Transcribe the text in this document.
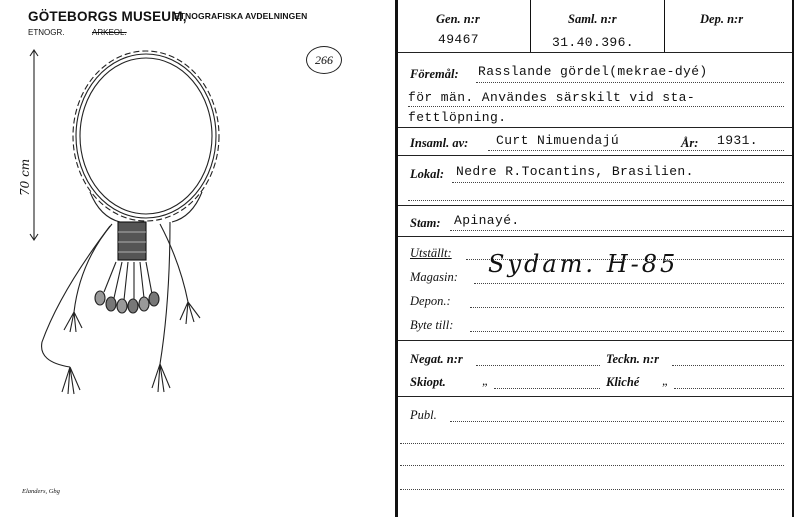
GÖTEBORGS MUSEUM,
ETNOGRAFISKA AVDELNINGEN
ETNOGR.	ARKEOL.
266
70 cm
Elanders, Gbg
Gen. n:r
49467
Saml. n:r
31.40.396.
Dep. n:r
Föremål: Rasslande gördel(mekrae-dyé)
för män. Användes särskilt vid sta-
fettlöpning.
Insaml. av: Curt Nimuendajú	År: 1931.
Lokal: Nedre R.Tocantins, Brasilien.
Stam: Apinayé.
Utställt:
Magasin: Sydam. H-85
Depon.:
Byte till:
Negat. n:r	Teckn. n:r
Skiopt.	„	Kliché „
Publ.
